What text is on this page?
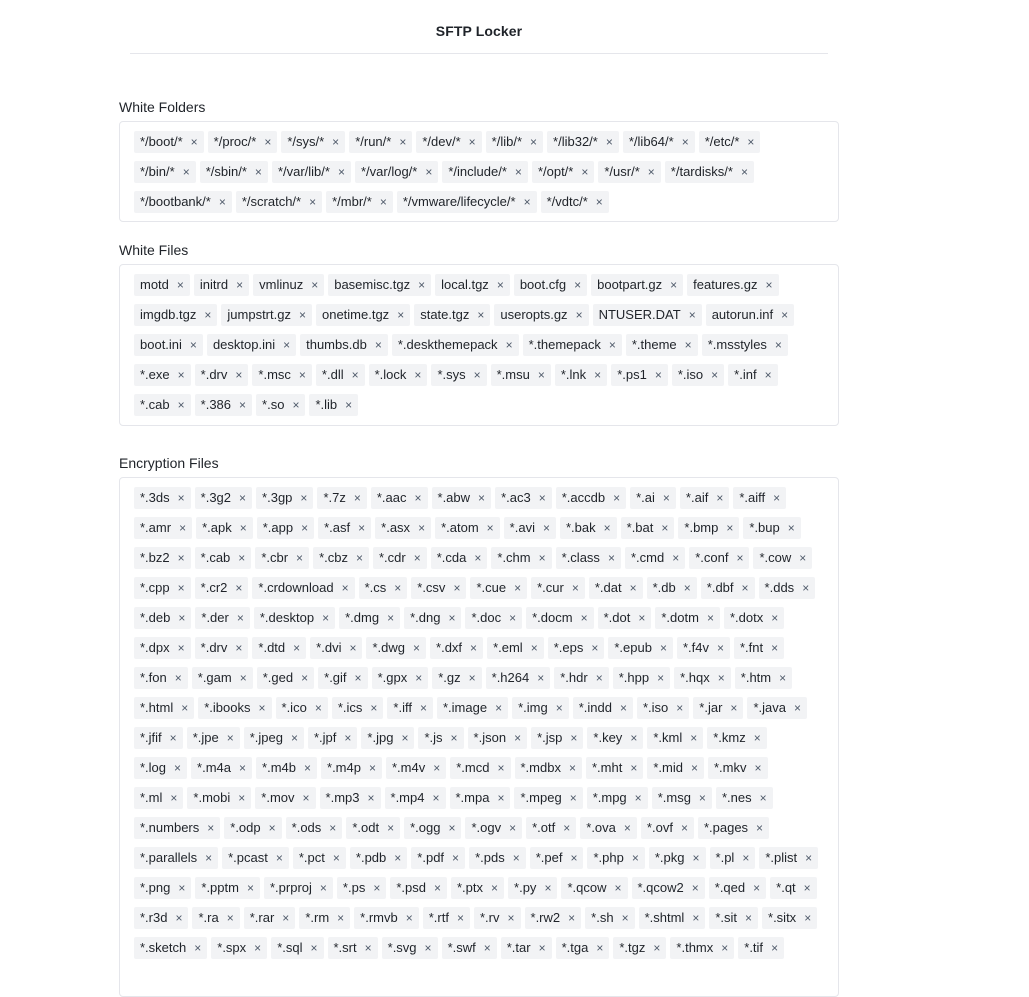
SFTP Locker
White Folders
*/boot/* × */proc/* × */sys/* × */run/* × */dev/* × */lib/* × */lib32/* × */lib64/* × */etc/* ×
*/bin/* × */sbin/* × */var/lib/* × */var/log/* × */include/* × */opt/* × */usr/* × */tardisks/* ×
*/bootbank/* × */scratch/* × */mbr/* × */vmware/lifecycle/* × */vdtc/* ×
White Files
motd × initrd × vmlinuz × basemisc.tgz × local.tgz × boot.cfg × bootpart.gz × features.gz ×
imgdb.tgz × jumpstrt.gz × onetime.tgz × state.tgz × useropts.gz × NTUSER.DAT × autorun.inf ×
boot.ini × desktop.ini × thumbs.db × *.deskthemepack × *.themepack × *.theme × *.msstyles ×
*.exe × *.drv × *.msc × *.dll × *.lock × *.sys × *.msu × *.lnk × *.ps1 × *.iso × *.inf ×
*.cab × *.386 × *.so × *.lib ×
Encryption Files
*.3ds × *.3g2 × *.3gp × *.7z × *.aac × *.abw × *.ac3 × *.accdb × *.ai × *.aif × *.aiff ×
*.amr × *.apk × *.app × *.asf × *.asx × *.atom × *.avi × *.bak × *.bat × *.bmp × *.bup ×
*.bz2 × *.cab × *.cbr × *.cbz × *.cdr × *.cda × *.chm × *.class × *.cmd × *.conf × *.cow ×
*.cpp × *.cr2 × *.crdownload × *.cs × *.csv × *.cue × *.cur × *.dat × *.db × *.dbf × *.dds ×
*.deb × *.der × *.desktop × *.dmg × *.dng × *.doc × *.docm × *.dot × *.dotm × *.dotx ×
*.dpx × *.drv × *.dtd × *.dvi × *.dwg × *.dxf × *.eml × *.eps × *.epub × *.f4v × *.fnt ×
*.fon × *.gam × *.ged × *.gif × *.gpx × *.gz × *.h264 × *.hdr × *.hpp × *.hqx × *.htm ×
*.html × *.ibooks × *.ico × *.ics × *.iff × *.image × *.img × *.indd × *.iso × *.jar × *.java ×
*.jfif × *.jpe × *.jpeg × *.jpf × *.jpg × *.js × *.json × *.jsp × *.key × *.kml × *.kmz ×
*.log × *.m4a × *.m4b × *.m4p × *.m4v × *.mcd × *.mdbx × *.mht × *.mid × *.mkv ×
*.ml × *.mobi × *.mov × *.mp3 × *.mp4 × *.mpa × *.mpeg × *.mpg × *.msg × *.nes ×
*.numbers × *.odp × *.ods × *.odt × *.ogg × *.ogv × *.otf × *.ova × *.ovf × *.pages ×
*.parallels × *.pcast × *.pct × *.pdb × *.pdf × *.pds × *.pef × *.php × *.pkg × *.pl × *.plist ×
*.png × *.pptm × *.prproj × *.ps × *.psd × *.ptx × *.py × *.qcow × *.qcow2 × *.qed × *.qt ×
*.r3d × *.ra × *.rar × *.rm × *.rmvb × *.rtf × *.rv × *.rw2 × *.sh × *.shtml × *.sit × *.sitx ×
*.sketch × *.spx × *.sql × *.srt × *.svg × *.swf × *.tar × *.tga × *.tgz × *.thmx × *.tif ×
